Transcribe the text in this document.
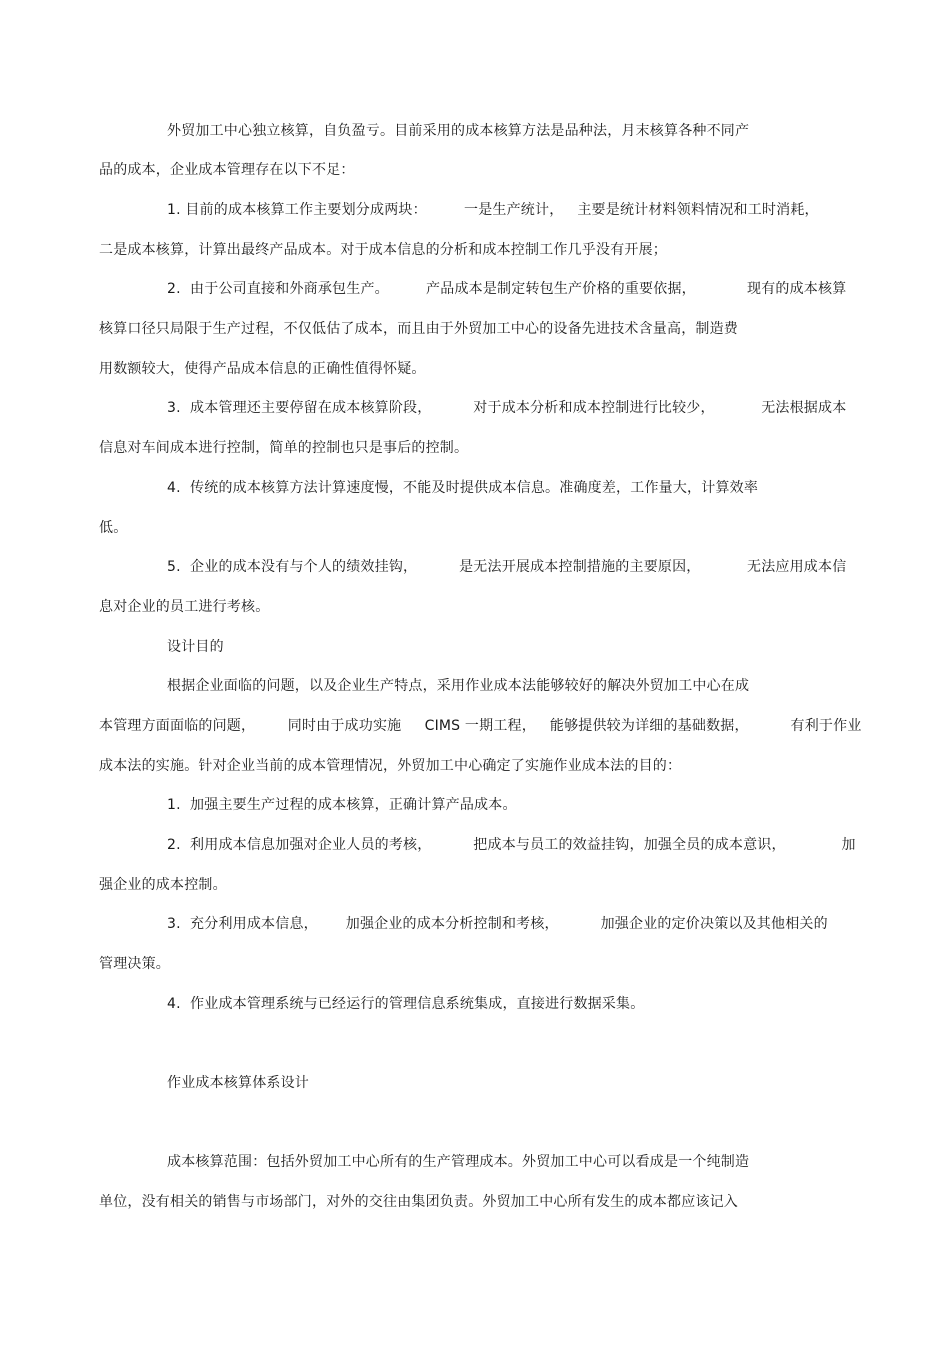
外贸加工中心独立核算，自负盈亏。目前采用的成本核算方法是品种法，月末核算各种不同产
品的成本，企业成本管理存在以下不足：
1. 目前的成本核算工作主要划分成两块：        一是生产统计，   主要是统计材料领料情况和工时消耗，
二是成本核算，计算出最终产品成本。对于成本信息的分析和成本控制工作几乎没有开展；
2.  由于公司直接和外商承包生产。        产品成本是制定转包生产价格的重要依据，           现有的成本核算
核算口径只局限于生产过程，不仅低估了成本，而且由于外贸加工中心的设备先进技术含量高，制造费
用数额较大，使得产品成本信息的正确性值得怀疑。
3.  成本管理还主要停留在成本核算阶段，         对于成本分析和成本控制进行比较少，          无法根据成本
信息对车间成本进行控制，简单的控制也只是事后的控制。
4.  传统的成本核算方法计算速度慢，不能及时提供成本信息。准确度差，工作量大，计算效率
低。
5.  企业的成本没有与个人的绩效挂钩，         是无法开展成本控制措施的主要原因，          无法应用成本信
息对企业的员工进行考核。
设计目的
根据企业面临的问题，以及企业生产特点，采用作业成本法能够较好的解决外贸加工中心在成
本管理方面面临的问题，       同时由于成功实施     CIMS 一期工程，   能够提供较为详细的基础数据，         有利于作业
成本法的实施。针对企业当前的成本管理情况，外贸加工中心确定了实施作业成本法的目的：
1.  加强主要生产过程的成本核算，正确计算产品成本。
2.  利用成本信息加强对企业人员的考核，         把成本与员工的效益挂钩，加强全员的成本意识，            加
强企业的成本控制。
3.  充分利用成本信息，      加强企业的成本分析控制和考核，         加强企业的定价决策以及其他相关的
管理决策。
4.  作业成本管理系统与已经运行的管理信息系统集成，直接进行数据采集。
作业成本核算体系设计
成本核算范围：包括外贸加工中心所有的生产管理成本。外贸加工中心可以看成是一个纯制造
单位，没有相关的销售与市场部门，对外的交往由集团负责。外贸加工中心所有发生的成本都应该记入
